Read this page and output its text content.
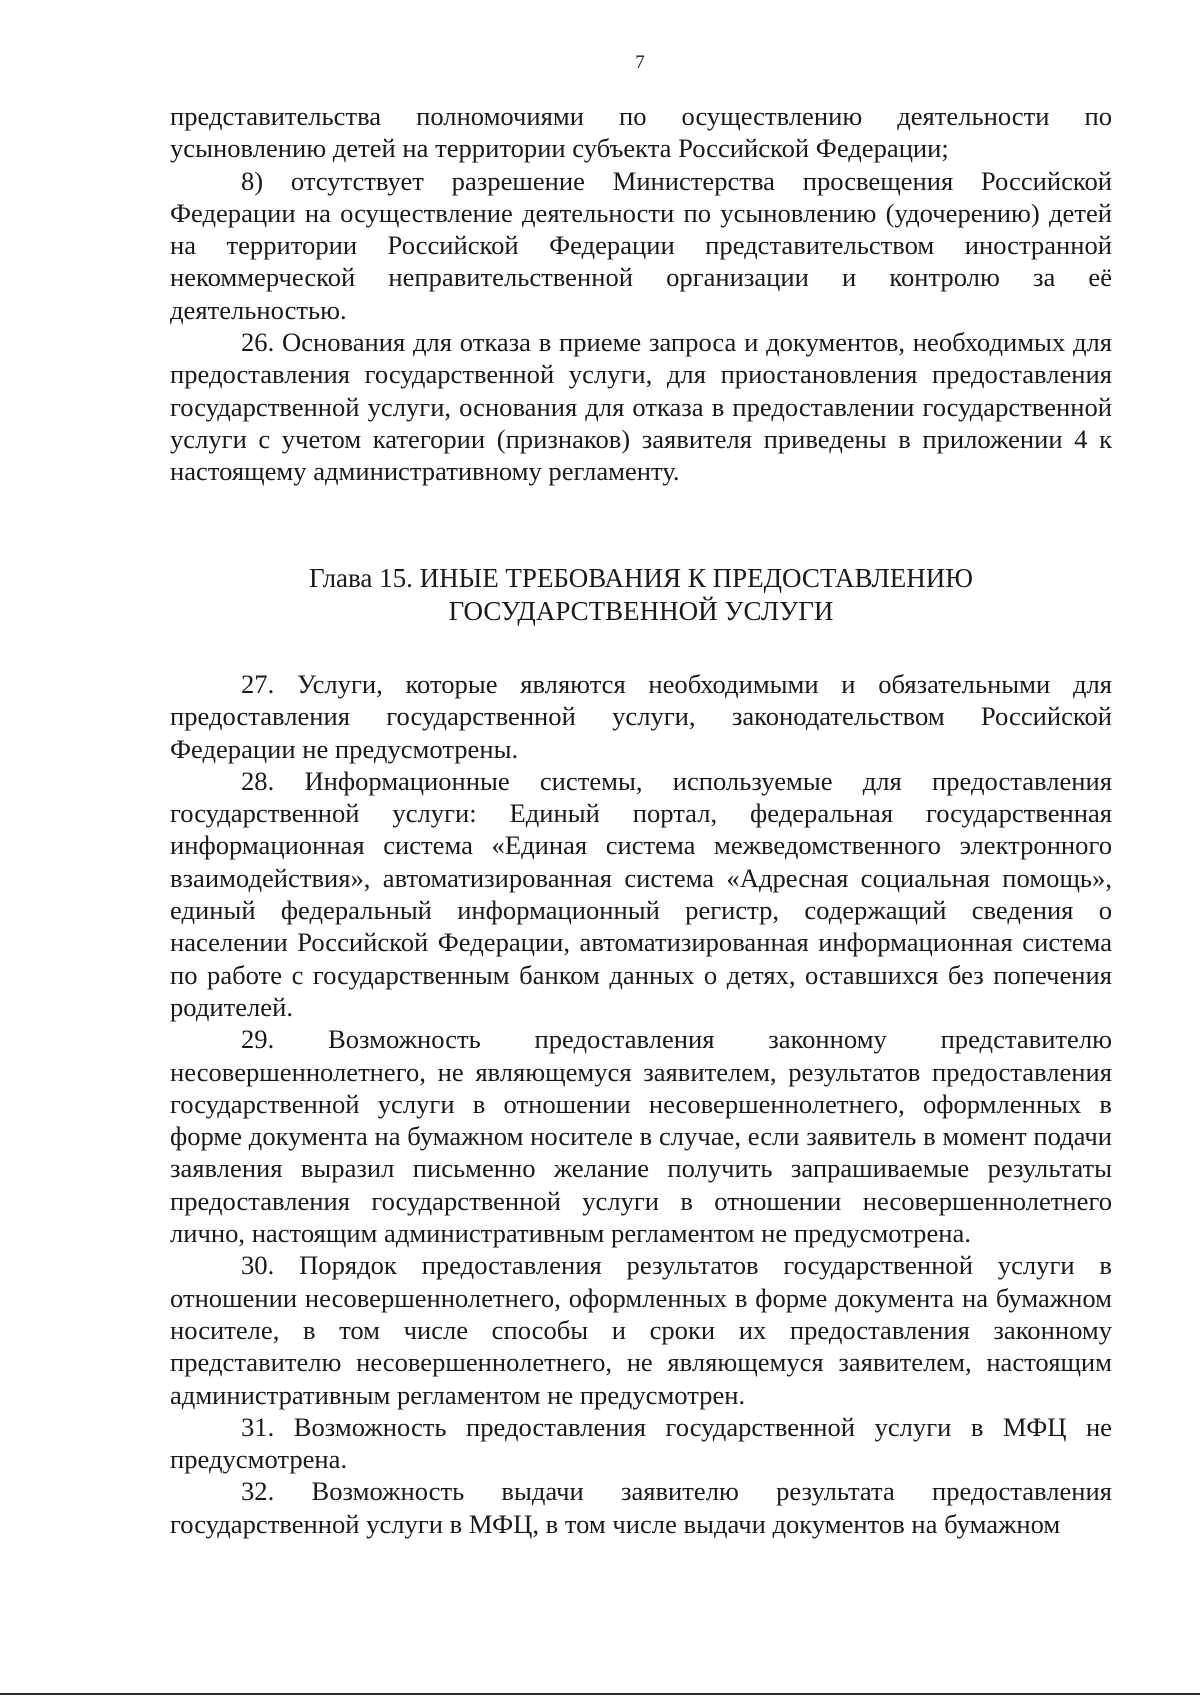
7

представительства полномочиями по осуществлению деятельности по усыновлению детей на территории субъекта Российской Федерации;

8) отсутствует разрешение Министерства просвещения Российской Федерации на осуществление деятельности по усыновлению (удочерению) детей на территории Российской Федерации представительством иностранной некоммерческой неправительственной организации и контролю за её деятельностью.

26. Основания для отказа в приеме запроса и документов, необходимых для предоставления государственной услуги, для приостановления предоставления государственной услуги, основания для отказа в предоставлении государственной услуги с учетом категории (признаков) заявителя приведены в приложении 4 к настоящему административному регламенту.

Глава 15. ИНЫЕ ТРЕБОВАНИЯ К ПРЕДОСТАВЛЕНИЮ
ГОСУДАРСТВЕННОЙ УСЛУГИ

27. Услуги, которые являются необходимыми и обязательными для предоставления государственной услуги, законодательством Российской Федерации не предусмотрены.

28. Информационные системы, используемые для предоставления государственной услуги: Единый портал, федеральная государственная информационная система «Единая система межведомственного электронного взаимодействия», автоматизированная система «Адресная социальная помощь», единый федеральный информационный регистр, содержащий сведения о населении Российской Федерации, автоматизированная информационная система по работе с государственным банком данных о детях, оставшихся без попечения родителей.

29. Возможность предоставления законному представителю несовершеннолетнего, не являющемуся заявителем, результатов предоставления государственной услуги в отношении несовершеннолетнего, оформленных в форме документа на бумажном носителе в случае, если заявитель в момент подачи заявления выразил письменно желание получить запрашиваемые результаты предоставления государственной услуги в отношении несовершеннолетнего лично, настоящим административным регламентом не предусмотрена.

30. Порядок предоставления результатов государственной услуги в отношении несовершеннолетнего, оформленных в форме документа на бумажном носителе, в том числе способы и сроки их предоставления законному представителю несовершеннолетнего, не являющемуся заявителем, настоящим административным регламентом не предусмотрен.

31. Возможность предоставления государственной услуги в МФЦ не предусмотрена.

32. Возможность выдачи заявителю результата предоставления государственной услуги в МФЦ, в том числе выдачи документов на бумажном
